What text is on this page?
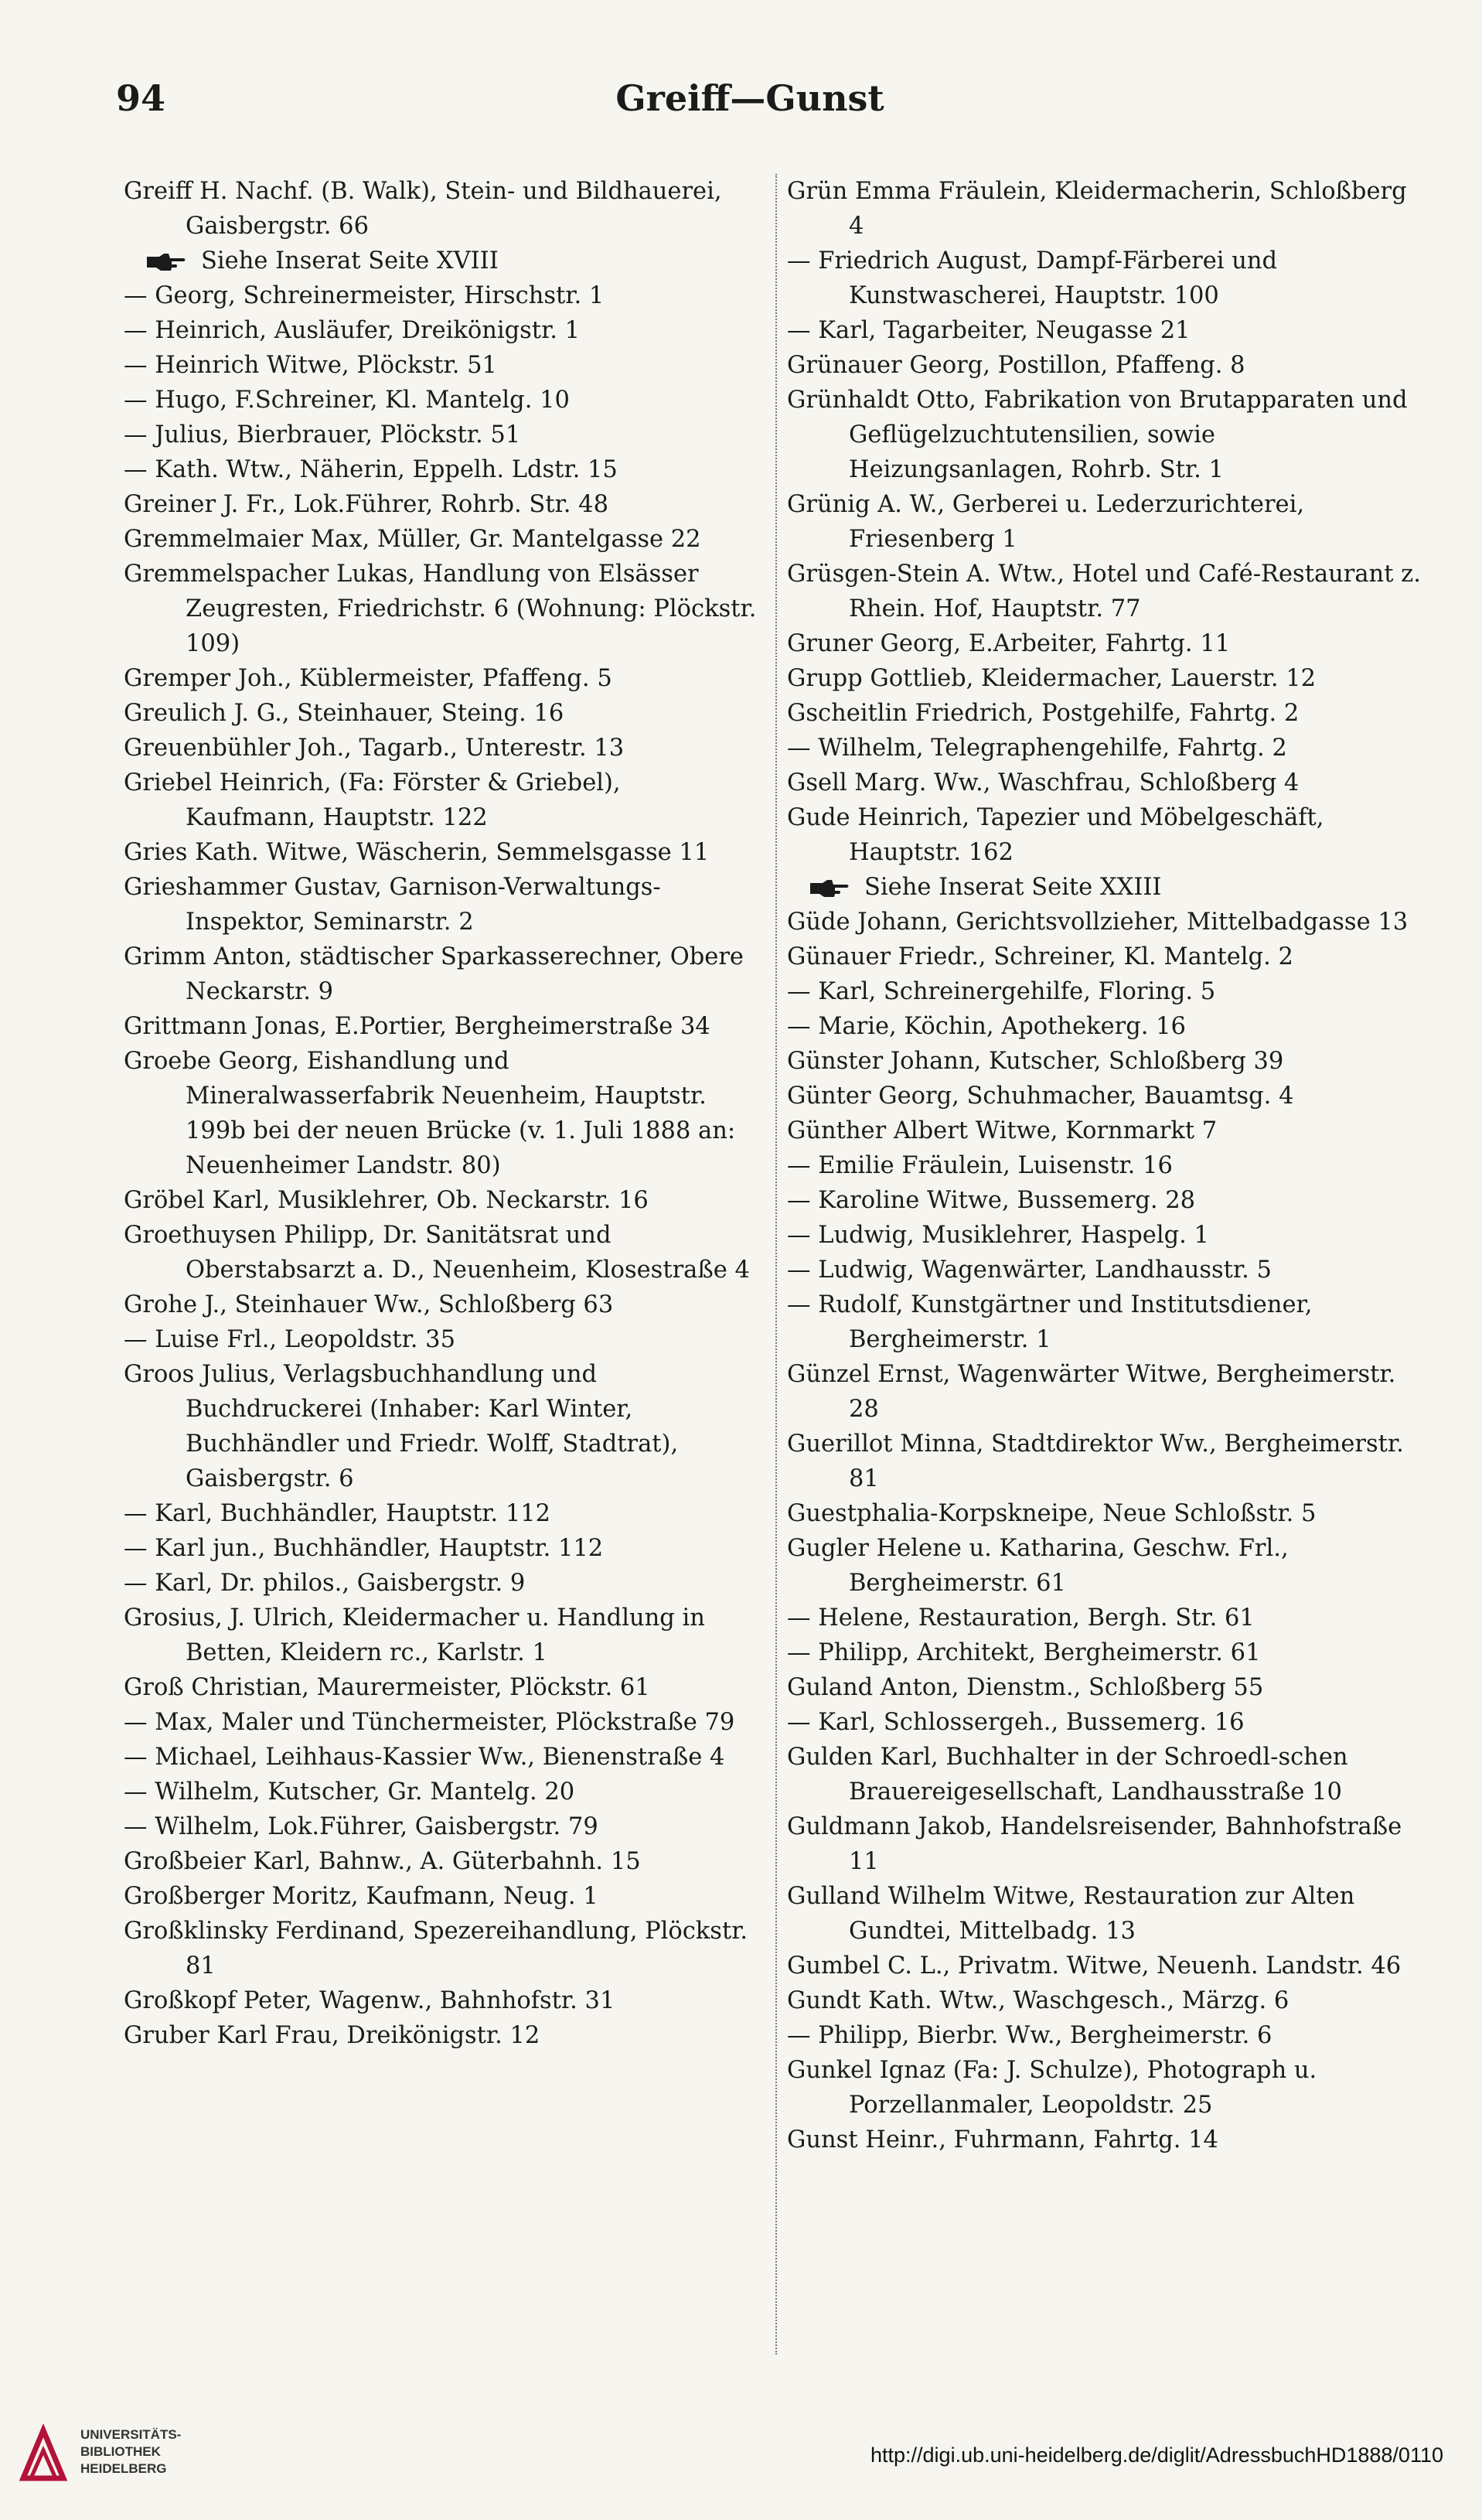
94	Greiff—Gunst

Greiff H. Nachf. (B. Walk), Stein- und Bildhauerei, Gaisbergstr. 66

Siehe Inserat Seite XVIII

— Georg, Schreinermeister, Hirschstr. 1

— Heinrich, Ausläufer, Dreikönigstr. 1

— Heinrich Witwe, Plöckstr. 51

— Hugo, F.Schreiner, Kl. Mantelg. 10

— Julius, Bierbrauer, Plöckstr. 51

— Kath. Wtw., Näherin, Eppelh. Ldstr. 15

Greiner J. Fr., Lok.Führer, Rohrb. Str. 48

Gremmelmaier Max, Müller, Gr. Mantelgasse 22

Gremmelspacher Lukas, Handlung von Elsässer Zeugresten, Friedrichstr. 6 (Wohnung: Plöckstr. 109)

Gremper Joh., Küblermeister, Pfaffeng. 5

Greulich J. G., Steinhauer, Steing. 16

Greuenbühler Joh., Tagarb., Unterestr. 13

Griebel Heinrich, (Fa: Förster & Griebel), Kaufmann, Hauptstr. 122

Gries Kath. Witwe, Wäscherin, Semmelsgasse 11

Grieshammer Gustav, Garnison-Verwaltungs-Inspektor, Seminarstr. 2

Grimm Anton, städtischer Sparkasserechner, Obere Neckarstr. 9

Grittmann Jonas, E.Portier, Bergheimerstraße 34

Groebe Georg, Eishandlung und Mineralwasserfabrik Neuenheim, Hauptstr. 199b bei der neuen Brücke (v. 1. Juli 1888 an: Neuenheimer Landstr. 80)

Gröbel Karl, Musiklehrer, Ob. Neckarstr. 16

Groethuysen Philipp, Dr. Sanitätsrat und Oberstabsarzt a. D., Neuenheim, Klosestraße 4

Grohe J., Steinhauer Ww., Schloßberg 63

— Luise Frl., Leopoldstr. 35

Groos Julius, Verlagsbuchhandlung und Buchdruckerei (Inhaber: Karl Winter, Buchhändler und Friedr. Wolff, Stadtrat), Gaisbergstr. 6

— Karl, Buchhändler, Hauptstr. 112

— Karl jun., Buchhändler, Hauptstr. 112

— Karl, Dr. philos., Gaisbergstr. 9

Grosius, J. Ulrich, Kleidermacher u. Handlung in Betten, Kleidern rc., Karlstr. 1

Groß Christian, Maurermeister, Plöckstr. 61

— Max, Maler und Tünchermeister, Plöckstraße 79

— Michael, Leihhaus-Kassier Ww., Bienenstraße 4

— Wilhelm, Kutscher, Gr. Mantelg. 20

— Wilhelm, Lok.Führer, Gaisbergstr. 79

Großbeier Karl, Bahnw., A. Güterbahnh. 15

Großberger Moritz, Kaufmann, Neug. 1

Großklinsky Ferdinand, Spezereihandlung, Plöckstr. 81

Großkopf Peter, Wagenw., Bahnhofstr. 31

Gruber Karl Frau, Dreikönigstr. 12

Grün Emma Fräulein, Kleidermacherin, Schloßberg 4

— Friedrich August, Dampf-Färberei und Kunstwascherei, Hauptstr. 100

— Karl, Tagarbeiter, Neugasse 21

Grünauer Georg, Postillon, Pfaffeng. 8

Grünhaldt Otto, Fabrikation von Brutapparaten und Geflügelzuchtutensilien, sowie Heizungsanlagen, Rohrb. Str. 1

Grünig A. W., Gerberei u. Lederzurichterei, Friesenberg 1

Grüsgen-Stein A. Wtw., Hotel und Café-Restaurant z. Rhein. Hof, Hauptstr. 77

Gruner Georg, E.Arbeiter, Fahrtg. 11

Grupp Gottlieb, Kleidermacher, Lauerstr. 12

Gscheitlin Friedrich, Postgehilfe, Fahrtg. 2

— Wilhelm, Telegraphengehilfe, Fahrtg. 2

Gsell Marg. Ww., Waschfrau, Schloßberg 4

Gude Heinrich, Tapezier und Möbelgeschäft, Hauptstr. 162

Siehe Inserat Seite XXIII

Güde Johann, Gerichtsvollzieher, Mittelbadgasse 13

Günauer Friedr., Schreiner, Kl. Mantelg. 2

— Karl, Schreinergehilfe, Floring. 5

— Marie, Köchin, Apothekerg. 16

Günster Johann, Kutscher, Schloßberg 39

Günter Georg, Schuhmacher, Bauamtsg. 4

Günther Albert Witwe, Kornmarkt 7

— Emilie Fräulein, Luisenstr. 16

— Karoline Witwe, Bussemerg. 28

— Ludwig, Musiklehrer, Haspelg. 1

— Ludwig, Wagenwärter, Landhausstr. 5

— Rudolf, Kunstgärtner und Institutsdiener, Bergheimerstr. 1

Günzel Ernst, Wagenwärter Witwe, Bergheimerstr. 28

Guerillot Minna, Stadtdirektor Ww., Bergheimerstr. 81

Guestphalia-Korpskneipe, Neue Schloßstr. 5

Gugler Helene u. Katharina, Geschw. Frl., Bergheimerstr. 61

— Helene, Restauration, Bergh. Str. 61

— Philipp, Architekt, Bergheimerstr. 61

Guland Anton, Dienstm., Schloßberg 55

— Karl, Schlossergeh., Bussemerg. 16

Gulden Karl, Buchhalter in der Schroedl-schen Brauereigesellschaft, Landhausstraße 10

Guldmann Jakob, Handelsreisender, Bahnhofstraße 11

Gulland Wilhelm Witwe, Restauration zur Alten Gundtei, Mittelbadg. 13

Gumbel C. L., Privatm. Witwe, Neuenh. Landstr. 46

Gundt Kath. Wtw., Waschgesch., Märzg. 6

— Philipp, Bierbr. Ww., Bergheimerstr. 6

Gunkel Ignaz (Fa: J. Schulze), Photograph u. Porzellanmaler, Leopoldstr. 25

Gunst Heinr., Fuhrmann, Fahrtg. 14

UNIVERSITÄTS-
BIBLIOTHEK
HEIDELBERG
http://digi.ub.uni-heidelberg.de/diglit/AdressbuchHD1888/0110
